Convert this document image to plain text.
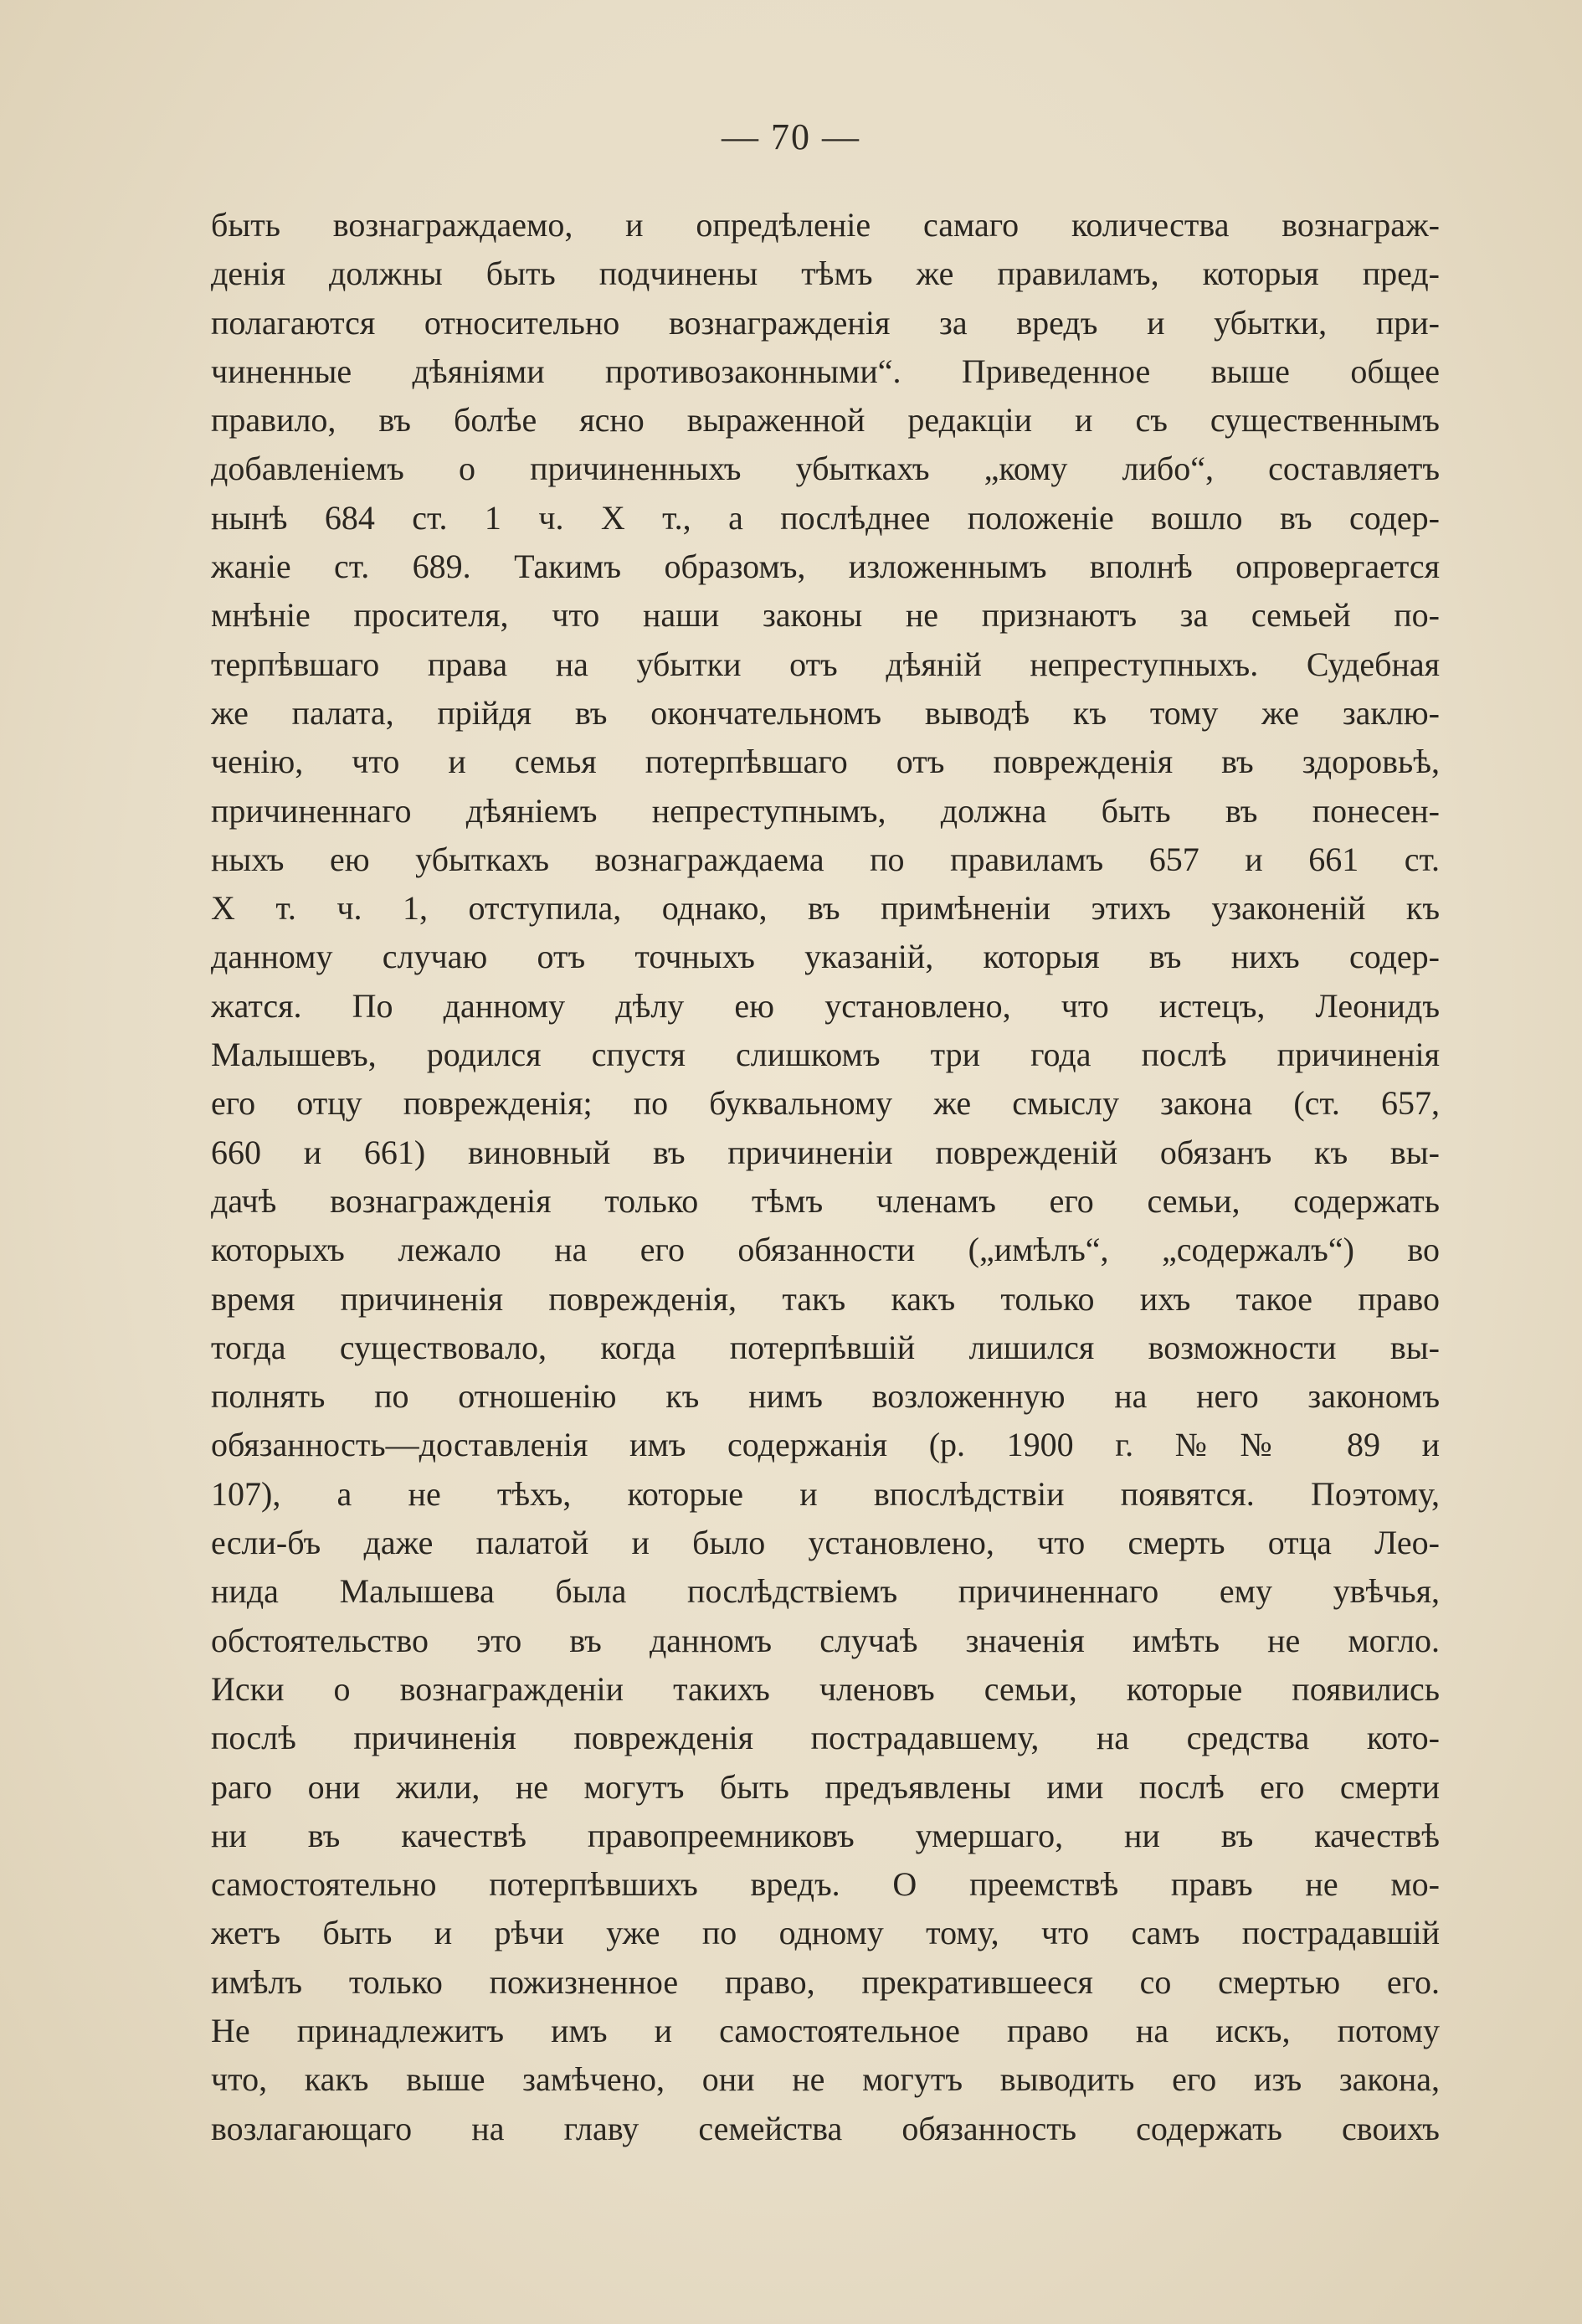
— 70 —
быть вознаграждаемо, и опредѣленіе самаго количества вознаграж-
денія должны быть подчинены тѣмъ же правиламъ, которыя пред-
полагаются относительно вознагражденія за вредъ и убытки, при-
чиненные дѣяніями противозаконными“. Приведенное выше общее
правило, въ болѣе ясно выраженной редакціи и съ существеннымъ
добавленіемъ о причиненныхъ убыткахъ „кому либо“, составляетъ
нынѣ 684 ст. 1 ч. X т., а послѣднее положеніе вошло въ содер-
жаніе ст. 689. Такимъ образомъ, изложеннымъ вполнѣ опровергается
мнѣніе просителя, что наши законы не признаютъ за семьей по-
терпѣвшаго права на убытки отъ дѣяній непреступныхъ. Судебная
же палата, прійдя въ окончательномъ выводѣ къ тому же заклю-
ченію, что и семья потерпѣвшаго отъ поврежденія въ здоровьѣ,
причиненнаго дѣяніемъ непреступнымъ, должна быть въ понесен-
ныхъ ею убыткахъ вознаграждаема по правиламъ 657 и 661 ст.
X т. ч. 1, отступила, однако, въ примѣненіи этихъ узаконеній къ
данному случаю отъ точныхъ указаній, которыя въ нихъ содер-
жатся. По данному дѣлу ею установлено, что истецъ, Леонидъ
Малышевъ, родился спустя слишкомъ три года послѣ причиненія
его отцу поврежденія; по буквальному же смыслу закона (ст. 657,
660 и 661) виновный въ причиненіи поврежденій обязанъ къ вы-
дачѣ вознагражденія только тѣмъ членамъ его семьи, содержать
которыхъ лежало на его обязанности („имѣлъ“, „содержалъ“) во
время причиненія поврежденія, такъ какъ только ихъ такое право
тогда существовало, когда потерпѣвшій лишился возможности вы-
полнять по отношенію къ нимъ возложенную на него закономъ
обязанность—доставленія имъ содержанія (р. 1900 г. №№ 89 и
107), а не тѣхъ, которые и впослѣдствіи появятся. Поэтому,
если-бъ даже палатой и было установлено, что смерть отца Лео-
нида Малышева была послѣдствіемъ причиненнаго ему увѣчья,
обстоятельство это въ данномъ случаѣ значенія имѣть не могло.
Иски о вознагражденіи такихъ членовъ семьи, которые появились
послѣ причиненія поврежденія пострадавшему, на средства кото-
раго они жили, не могутъ быть предъявлены ими послѣ его смерти
ни въ качествѣ правопреемниковъ умершаго, ни въ качествѣ
самостоятельно потерпѣвшихъ вредъ. О преемствѣ правъ не мо-
жетъ быть и рѣчи уже по одному тому, что самъ пострадавшій
имѣлъ только пожизненное право, прекратившееся со смертью его.
Не принадлежитъ имъ и самостоятельное право на искъ, потому
что, какъ выше замѣчено, они не могутъ выводить его изъ закона,
возлагающаго на главу семейства обязанность содержать своихъ
